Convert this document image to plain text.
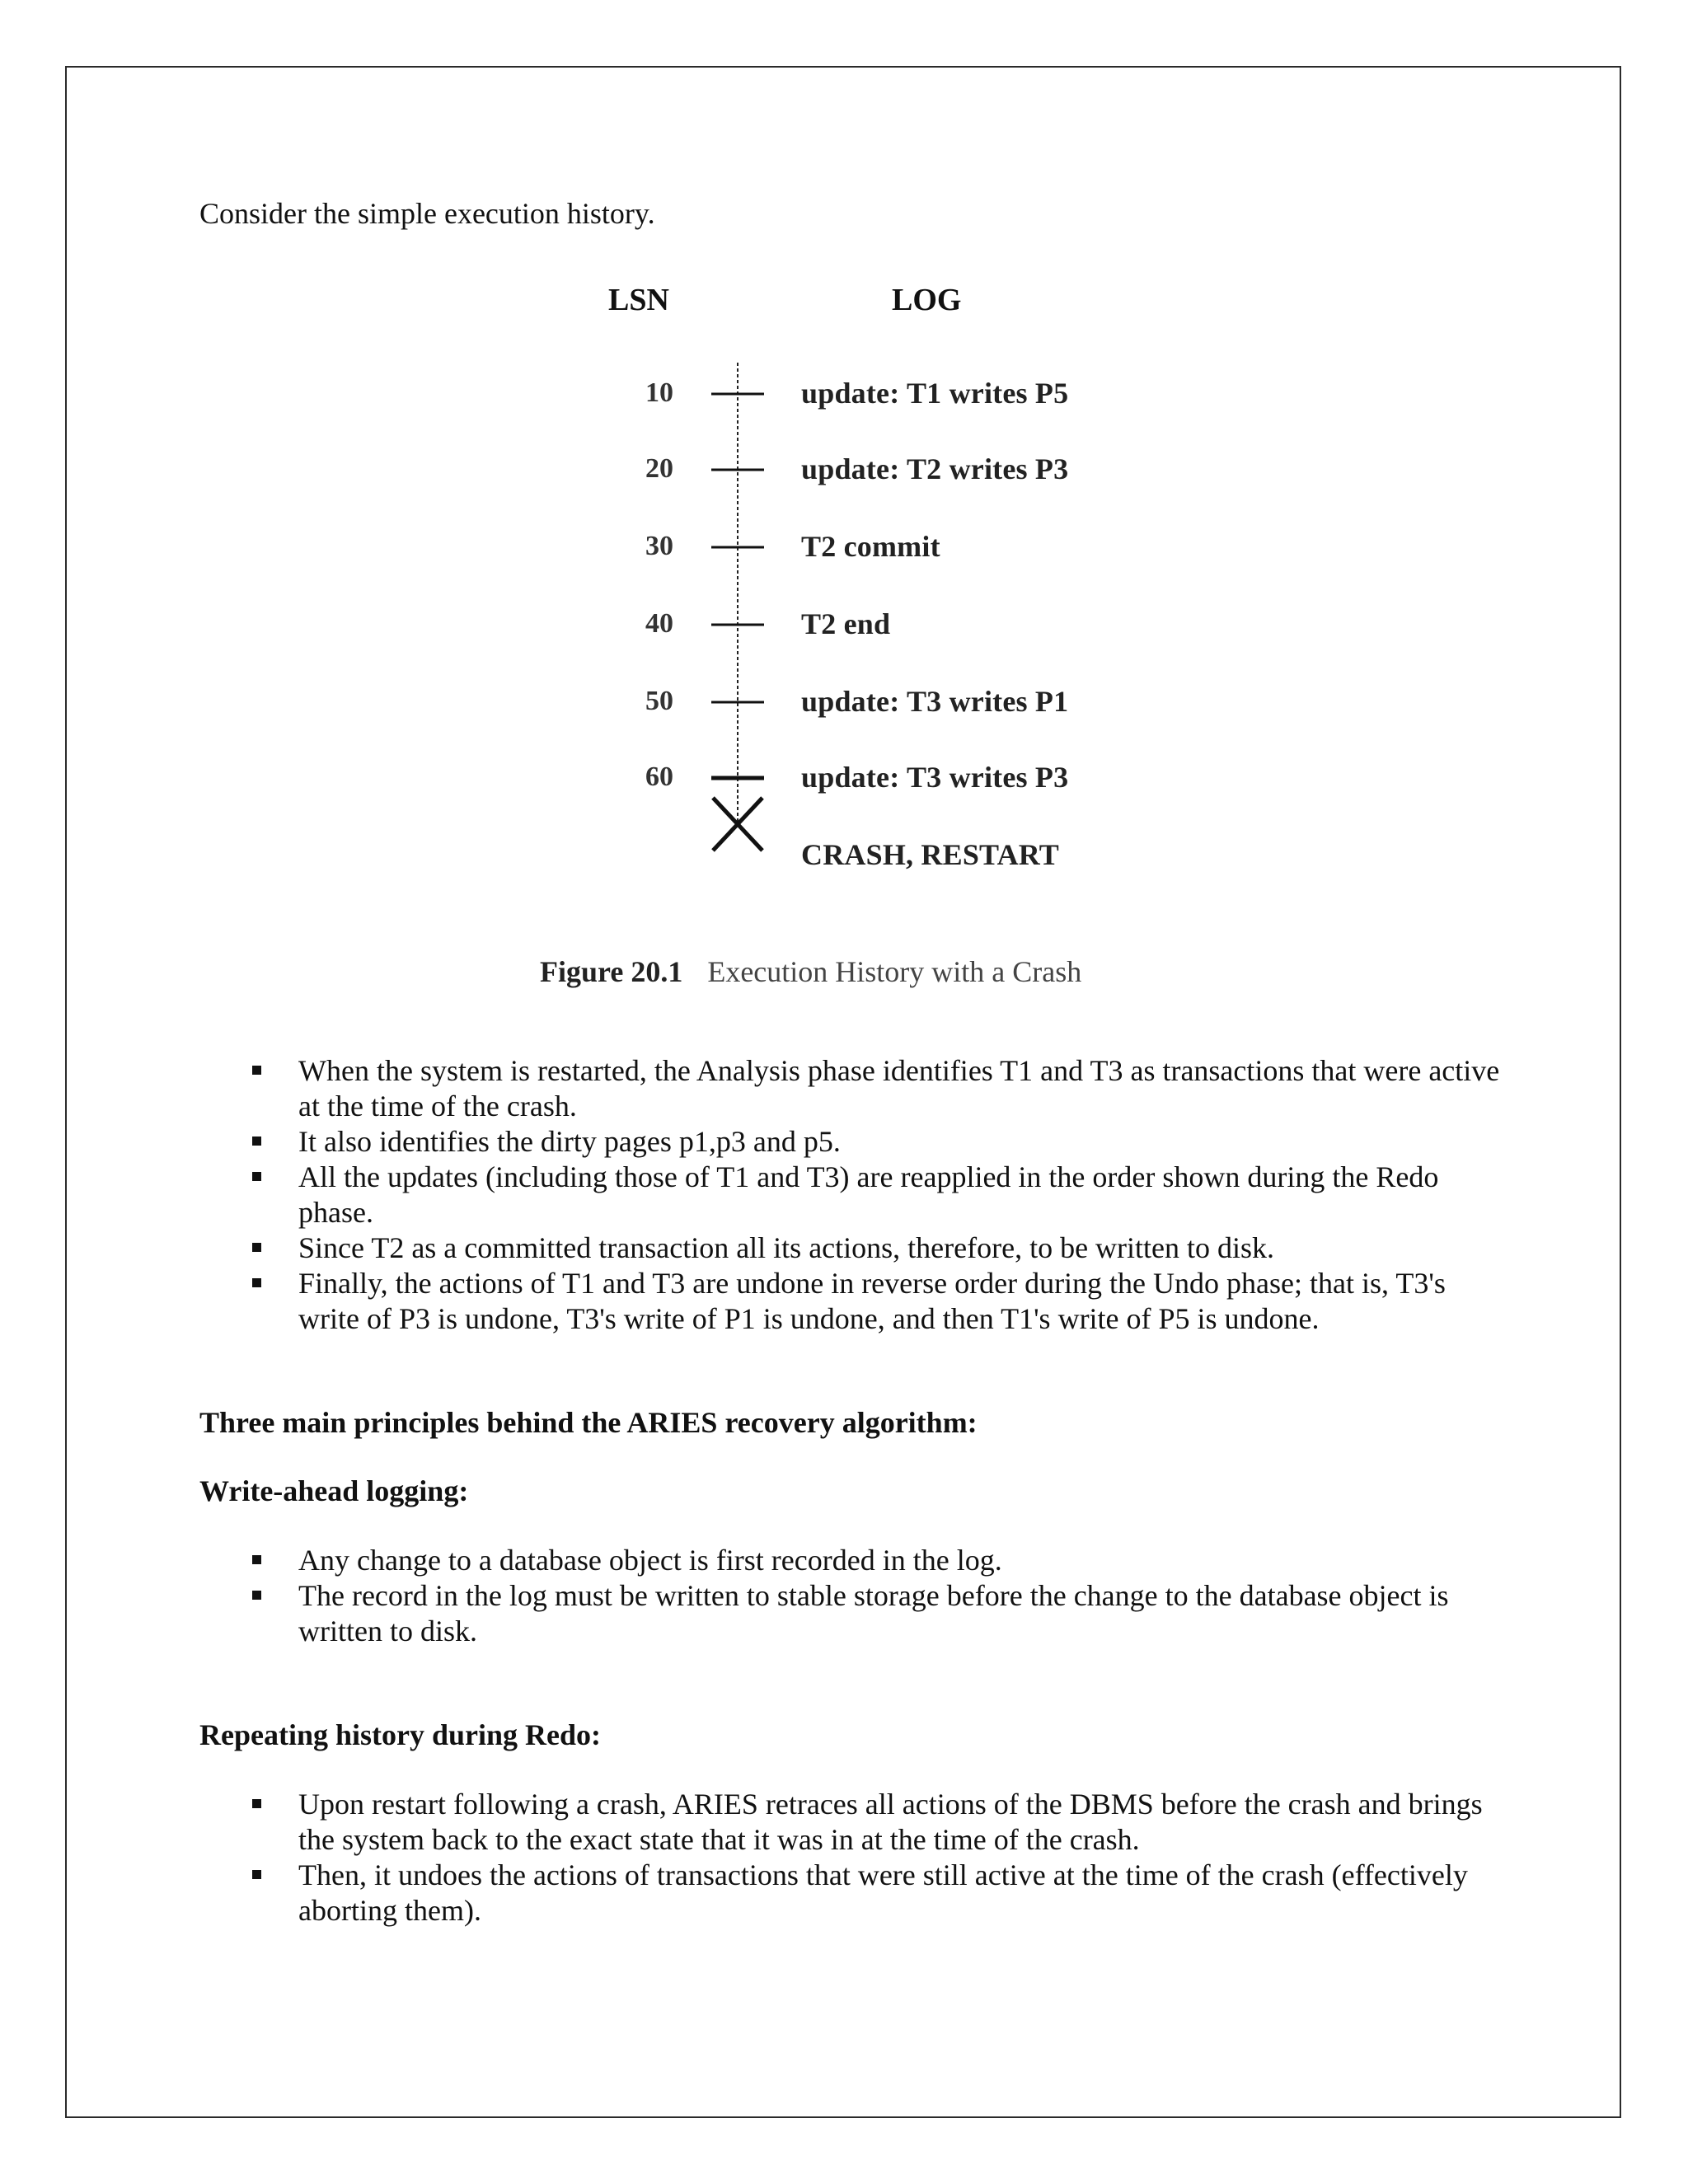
Consider the simple execution history.
LSN	LOG
10
20
30
40
50
60
update: T1 writes P5
update: T2 writes P3
T2 commit
T2 end
update: T3 writes P1
update: T3 writes P3
CRASH, RESTART
Figure 20.1 Execution History with a Crash
When the system is restarted, the Analysis phase identifies T1 and T3 as transactions that were active at the time of the crash.
It also identifies the dirty pages p1,p3 and p5.
All the updates (including those of T1 and T3) are reapplied in the order shown during the Redo phase.
Since T2 as a committed transaction all its actions, therefore, to be written to disk.
Finally, the actions of T1 and T3 are undone in reverse order during the Undo phase; that is, T3's write of P3 is undone, T3's write of P1 is undone, and then T1's write of P5 is undone.
Three main principles behind the ARIES recovery algorithm:
Write-ahead logging:
Any change to a database object is first recorded in the log.
The record in the log must be written to stable storage before the change to the database object is written to disk.
Repeating history during Redo:
Upon restart following a crash, ARIES retraces all actions of the DBMS before the crash and brings the system back to the exact state that it was in at the time of the crash.
Then, it undoes the actions of transactions that were still active at the time of the crash (effectively aborting them).
